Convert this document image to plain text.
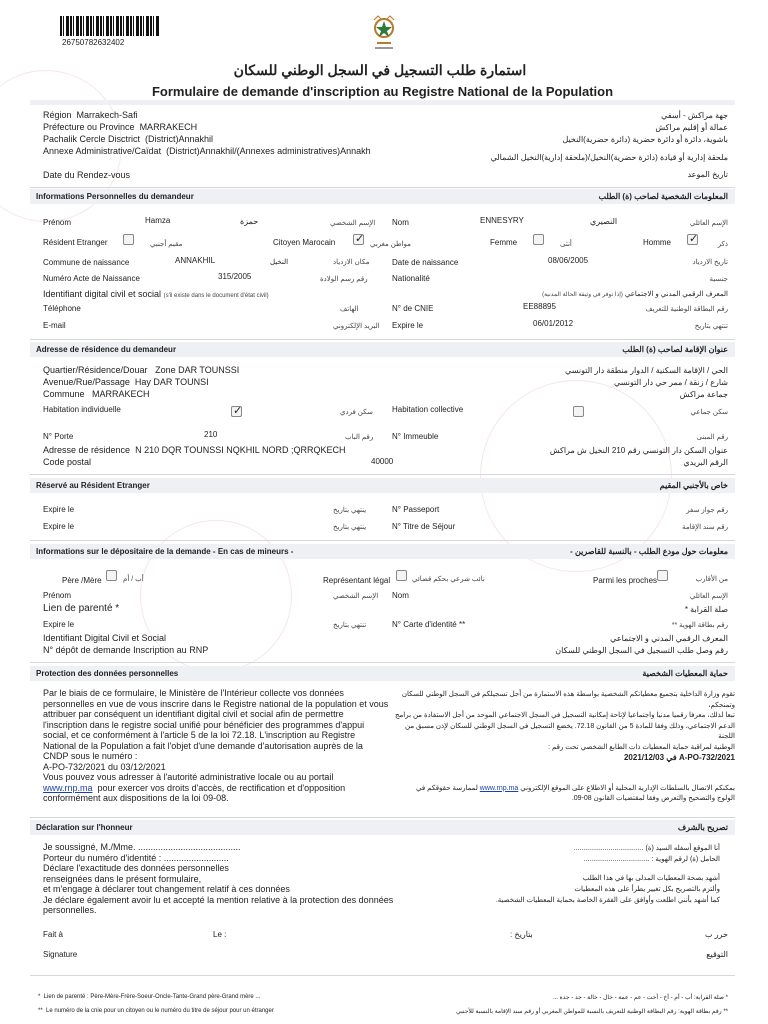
26750782632402
استمارة طلب التسجيل في السجل الوطني للسكان
Formulaire de demande d'inscription au Registre National de la Population
Région Marrakech-Safi
Préfecture ou Province MARRAKECH
Pachalik Cercle Disctrict (District)Annakhil
Annexe Administrative/Caïdat (District)Annakhil/(Annexes administratives)Annakh
Date du Rendez-vous
جهة مراكش - أسفي
عمالة أو إقليم مراكش
باشوية، دائرة أو دائرة حضرية (دائرة حضرية)النخيل
ملحقة إدارية أو قيادة (دائرة حضرية)النخيل/(ملحقة إدارية)النخيل الشمالي
تاريخ الموعد
Informations Personnelles du demandeur	المعلومات الشخصية لصاحب (ة) الطلب
Prénom	Hamza	حمزة	الإسم الشخصي Nom	ENNESYRY	النصيري	الإسم العائلي
Résident Etranger	مقيم أجنبي	Citoyen Marocain ✓	مواطن مغربي	Femme	أنثى	Homme ✓	ذكر
Commune de naissance	ANNAKHIL	النخيل	مكان الازدياد	Date de naissance	08/06/2005	تاريخ الازدياد
Numéro Acte de Naissance	315/2005	رقم رسم الولادة	Nationalité	جنسية
Identifiant digital civil et social (s'il existe dans le document d'état civil)	المعرف الرقمي المدني و الاجتماعي (إذا توفر في وثيقة الحالة المدنية)
Téléphone	الهاتف	N° de CNIE	EE88895	رقم البطاقة الوطنية للتعريف
E-mail	البريد الإلكتروني Expire le	06/01/2012	تنتهي بتاريخ
Adresse de résidence du demandeur	عنوان الإقامة لصاحب (ة) الطلب
Quartier/Résidence/Douar Zone DAR TOUNSSI
Avenue/Rue/Passage Hay DAR TOUNSI
Commune MARRAKECH
الحي / الإقامة السكنية / الدوار منطقة دار التونسي
شارع / زنقة / ممر حي دار التونسي
جماعة مراكش
Habitation individuelle ✓	سكن فردي Habitation collective	سكن جماعي
N° Porte	210	رقم الباب N° Immeuble	رقم المبنى
Adresse de résidence N 210 DQR TOUNSSI NQKHIL NORD ;QRRQKECH
Code postal	40000
عنوان السكن دار التونسي رقم 210 النخيل ش مراكش
الرقم البريدي
Réservé au Résident Etranger	خاص بالأجنبي المقيم
Expire le	ينتهي بتاريخ	N° Passeport	رقم جواز سفر
Expire le	ينتهي بتاريخ	N° Titre de Séjour	رقم سند الإقامة
Informations sur le dépositaire de la demande - En cas de mineurs -	معلومات حول مودع الطلب - بالنسبة للقاصرين -
Père /Mère	أب / أم	Représentant légal	نائب شرعي بحكم قضائي	Parmi les proches	من الأقارب
Prénom	الإسم الشخصي Nom	الإسم العائلي
Lien de parenté *	صلة القرابة *
Expire le	تنتهي بتاريخ	N° Carte d'identité **	رقم بطاقة الهوية **
Identifiant Digital Civil et Social
N° dépôt de demande Inscription au RNP
المعرف الرقمي المدني و الاجتماعي
رقم وصل طلب التسجيل في السجل الوطني للسكان
Protection des données personnelles	حماية المعطيات الشخصية
Par le biais de ce formulaire, le Ministère de l'Intérieur collecte vos données
personnelles en vue de vous inscrire dans le Registre national de la population et vous
attribuer par conséquent un identifiant digital civil et social afin de permettre
l'inscription dans le registre social unifié pour bénéficier des programmes d'appui
social, et ce conformément à l'article 5 de la loi 72.18. L'inscription au Registre
National de la Population a fait l'objet d'une demande d'autorisation auprès de la
CNDP sous le numéro :
A-PO-732/2021 du 03/12/2021
Vous pouvez vous adresser à l'autorité administrative locale ou au portail
www.rnp.ma pour exercer vos droits d'accès, de rectification et d'opposition
conformément aux dispositions de la loi 09-08.
تقوم وزارة الداخلية بتجميع معطياتكم الشخصية بواسطة هذه الاستمارة من أجل تسجيلكم في السجل الوطني للسكان وتمنحكم،
تبعا لذلك، معرفا رقميا مدنيا واجتماعيا لإتاحة إمكانية التسجيل في السجل الاجتماعي الموحد من أجل الاستفادة من برامج
الدعم الاجتماعي، وذلك وفقا للمادة 5 من القانون 72.18. يخضع التسجيل في السجل الوطني للسكان لإذن مسبق من اللجنة
الوطنية لمراقبة حماية المعطيات ذات الطابع الشخصي تحت رقم :
A-PO-732/2021 في 2021/12/03
بمكنكم الاتصال بالسلطات الإدارية المحلية أو الاطلاع على الموقع الإلكتروني www.rnp.ma لممارسة حقوقكم في
الولوج والتصحيح والتعرض وفقا لمقتضيات القانون 08-09.
Déclaration sur l'honneur	تصريح بالشرف
Je soussigné, M./Mme. .........................................
Porteur du numéro d'identité : ..........................
Déclare l'exactitude des données personnelles
renseignées dans le présent formulaire,
et m'engage à déclarer tout changement relatif à ces données
Je déclare également avoir lu et accepté la mention relative à la protection des données
personnelles.
أنا الموقع أسفله السيد (ة) ....................................
الحامل (ة) لرقم الهوية : ..................................
أشهد بصحة المعطيات المدلى بها في هذا الطلب
وألتزم بالتصريح بكل تغيير يطرأ على هذه المعطيات
كما أشهد بأنني اطلعت وأوافق على الفقرة الخاصة بحماية المعطيات الشخصية.
Fait à	Le :	بتاريخ :	حرر ب
Signature	التوقيع
*  Lien de parenté : Père-Mère-Frère-Soeur-Oncle-Tante-Grand père-Grand mère ...
**  Le numéro de la cnie pour un citoyen ou le numéro du titre de séjour pour un étranger
* صلة القرابة: أب - أم - أخ - أخت - عم - عمة - خال - خالة - جد - جدة ...
** رقم بطاقة الهوية: رقم البطاقة الوطنية للتعريف بالنسبة للمواطن المغربي أو رقم سند الإقامة بالنسبة للأجنبي
